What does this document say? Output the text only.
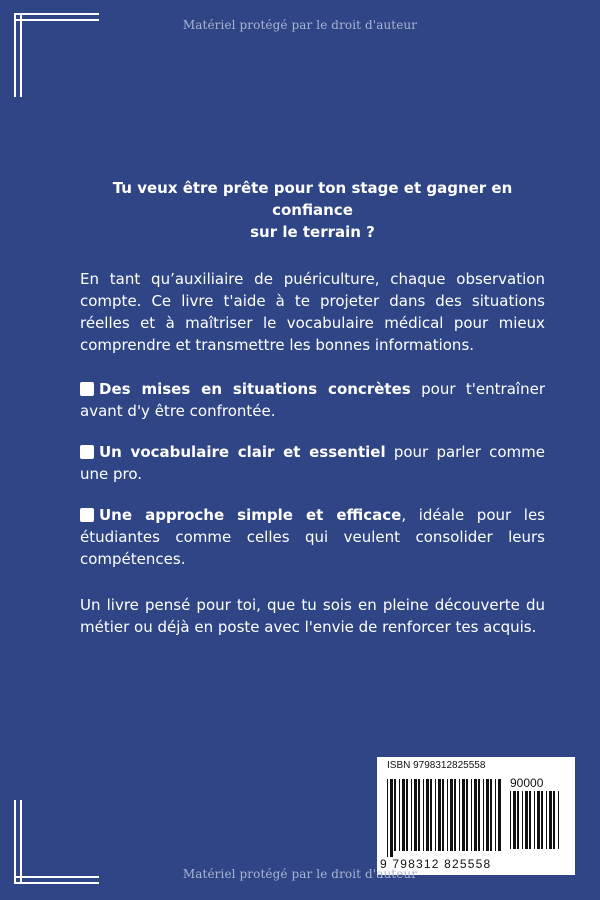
Matériel protégé par le droit d'auteur
Tu veux être prête pour ton stage et gagner en confiance
sur le terrain ?

En tant qu’auxiliaire de puériculture, chaque observation compte. Ce livre t'aide à te projeter dans des situations réelles et à maîtriser le vocabulaire médical pour mieux comprendre et transmettre les bonnes informations.

Des mises en situations concrètes pour t'entraîner avant d'y être confrontée.

Un vocabulaire clair et essentiel pour parler comme une pro.

Une approche simple et efficace, idéale pour les étudiantes comme celles qui veulent consolider leurs compétences.

Un livre pensé pour toi, que tu sois en pleine découverte du métier ou déjà en poste avec l'envie de renforcer tes acquis.

ISBN 9798312825558
90000
9 798312 825558
Matériel protégé par le droit d'auteur
